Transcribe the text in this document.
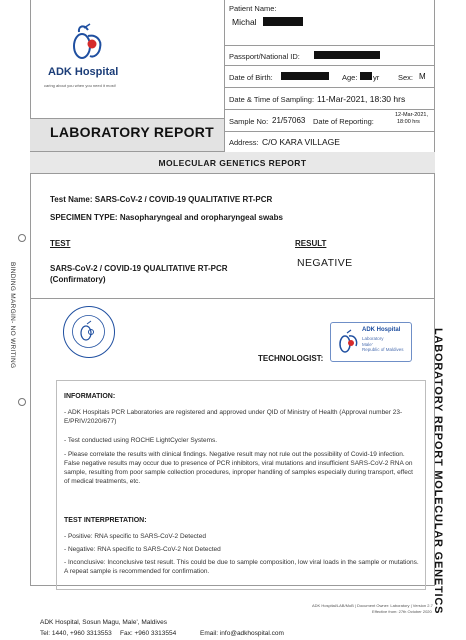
BINDING MARGIN- NO WRITING
ADK Hospital
caring about you when you need it most!
LABORATORY REPORT
Patient Name:
Michal
Passport/National ID:
Date of Birth:	Age: yr	Sex: M
Date & Time of Sampling: 11-Mar-2021, 18:30 hrs
Sample No: 21/57063 Date of Reporting:
12-Mar-2021,
18:00 hrs
Address: C/O KARA VILLAGE
MOLECULAR GENETICS REPORT
Test Name: SARS-CoV-2 / COVID-19 QUALITATIVE RT-PCR
SPECIMEN TYPE: Nasopharyngeal and oropharyngeal swabs
TEST	RESULT
SARS-CoV-2 / COVID-19 QUALITATIVE RT-PCR
(Confirmatory)
NEGATIVE
ADK Hospital
Laboratory
Male'
Republic of Maldives
TECHNOLOGIST:
INFORMATION:
- ADK Hospitals PCR Laboratories are registered and approved under QID of Ministry of Health (Approval number 23-E/PRIV/2020/677)
- Test conducted using ROCHE LightCycler Systems.
- Please correlate the results with clinical findings. Negative result may not rule out the possibility of Covid-19 infection. False negative results may occur due to presence of PCR inhibitors, viral mutations and insufficient SARS-CoV-2 RNA on sample, resulting from poor sample collection procedures, inproper handling of samples especially during transport, effect of medical treatments, etc.
TEST INTERPRETATION:
- Positive: RNA specific to SARS-CoV-2 Detected
- Negative: RNA specific to SARS-CoV-2 Not Detected
- Inconclusive: Inconclusive test result. This could be due to sample composition, low viral loads in the sample or mutations. A repeat sample is recommended for confirmation.	LABORATORY REPORT MOLECULAR GENETICS
ADK Hospital/LAB/MoB | Document Owner: Laboratory | Version 2.7
Effective from: 27th October 2020
ADK Hospital, Sosun Magu, Male', Maldives
Tel: 1440, +960 3313553 Fax: +960 3313554	Email: info@adkhospital.com
